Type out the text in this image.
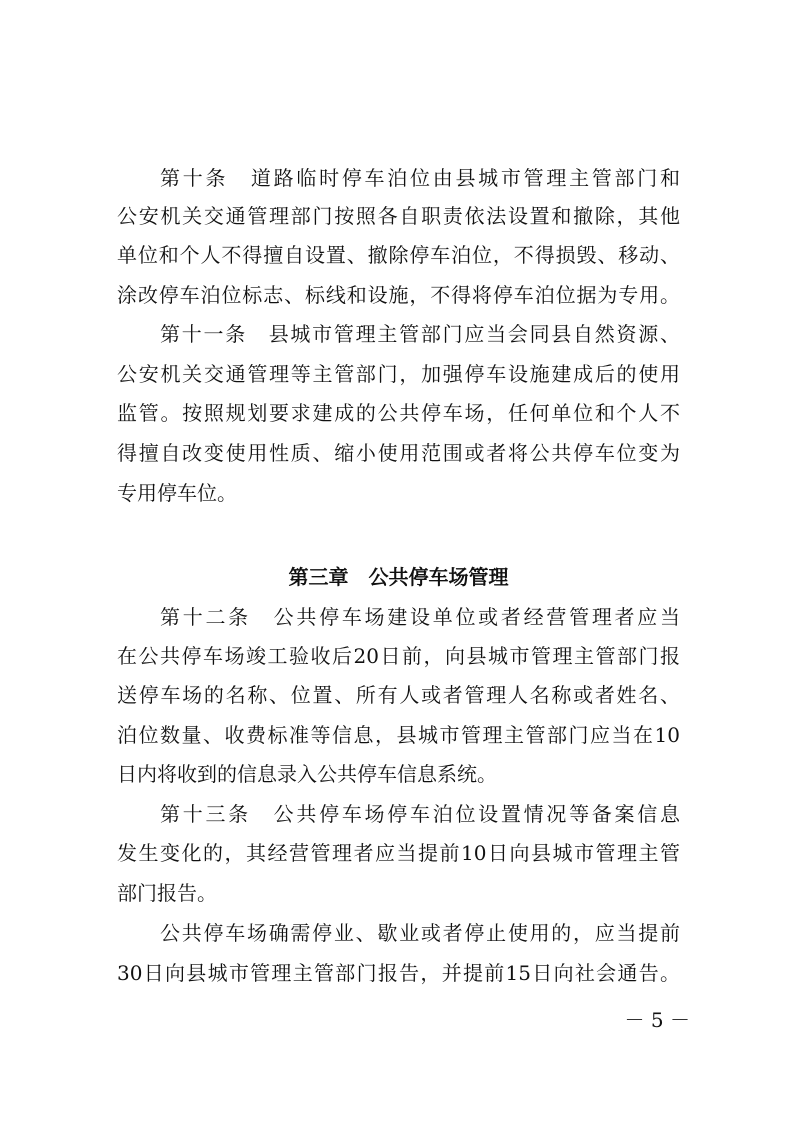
第十条　道路临时停车泊位由县城市管理主管部门和
公安机关交通管理部门按照各自职责依法设置和撤除，其他
单位和个人不得擅自设置、撤除停车泊位，不得损毁、移动、
涂改停车泊位标志、标线和设施，不得将停车泊位据为专用。
第十一条　县城市管理主管部门应当会同县自然资源、
公安机关交通管理等主管部门，加强停车设施建成后的使用
监管。按照规划要求建成的公共停车场，任何单位和个人不
得擅自改变使用性质、缩小使用范围或者将公共停车位变为
专用停车位。
第三章　公共停车场管理
第十二条　公共停车场建设单位或者经营管理者应当
在公共停车场竣工验收后20日前，向县城市管理主管部门报
送停车场的名称、位置、所有人或者管理人名称或者姓名、
泊位数量、收费标准等信息，县城市管理主管部门应当在10
日内将收到的信息录入公共停车信息系统。
第十三条　公共停车场停车泊位设置情况等备案信息
发生变化的，其经营管理者应当提前10日向县城市管理主管
部门报告。
公共停车场确需停业、歇业或者停止使用的，应当提前
30日向县城市管理主管部门报告，并提前15日向社会通告。
－ 5 －
